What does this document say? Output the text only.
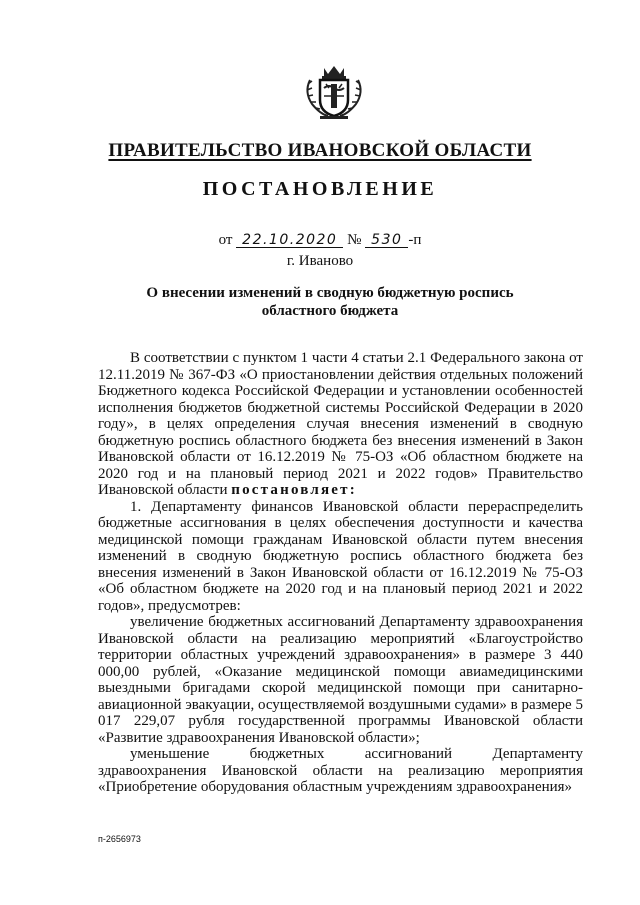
ПРАВИТЕЛЬСТВО ИВАНОВСКОЙ ОБЛАСТИ
ПОСТАНОВЛЕНИЕ
от 22.10.2020 № 530 -п
г. Иваново
О внесении изменений в сводную бюджетную роспись областного бюджета

В соответствии с пунктом 1 части 4 статьи 2.1 Федерального закона от 12.11.2019 № 367-ФЗ «О приостановлении действия отдельных положений Бюджетного кодекса Российской Федерации и установлении особенностей исполнения бюджетов бюджетной системы Российской Федерации в 2020 году», в целях определения случая внесения изменений в сводную бюджетную роспись областного бюджета без внесения изменений в Закон Ивановской области от 16.12.2019 № 75-ОЗ «Об областном бюджете на 2020 год и на плановый период 2021 и 2022 годов» Правительство Ивановской области постановляет:

1. Департаменту финансов Ивановской области перераспределить бюджетные ассигнования в целях обеспечения доступности и качества медицинской помощи гражданам Ивановской области путем внесения изменений в сводную бюджетную роспись областного бюджета без внесения изменений в Закон Ивановской области от 16.12.2019 № 75-ОЗ «Об областном бюджете на 2020 год и на плановый период 2021 и 2022 годов», предусмотрев:

увеличение бюджетных ассигнований Департаменту здравоохранения Ивановской области на реализацию мероприятий «Благоустройство территории областных учреждений здравоохранения» в размере 3 440 000,00 рублей, «Оказание медицинской помощи авиамедицинскими выездными бригадами скорой медицинской помощи при санитарно-авиационной эвакуации, осуществляемой воздушными судами» в размере 5 017 229,07 рубля государственной программы Ивановской области «Развитие здравоохранения Ивановской области»;

уменьшение бюджетных ассигнований Департаменту здравоохранения Ивановской области на реализацию мероприятия «Приобретение оборудования областным учреждениям здравоохранения»

п-2656973
